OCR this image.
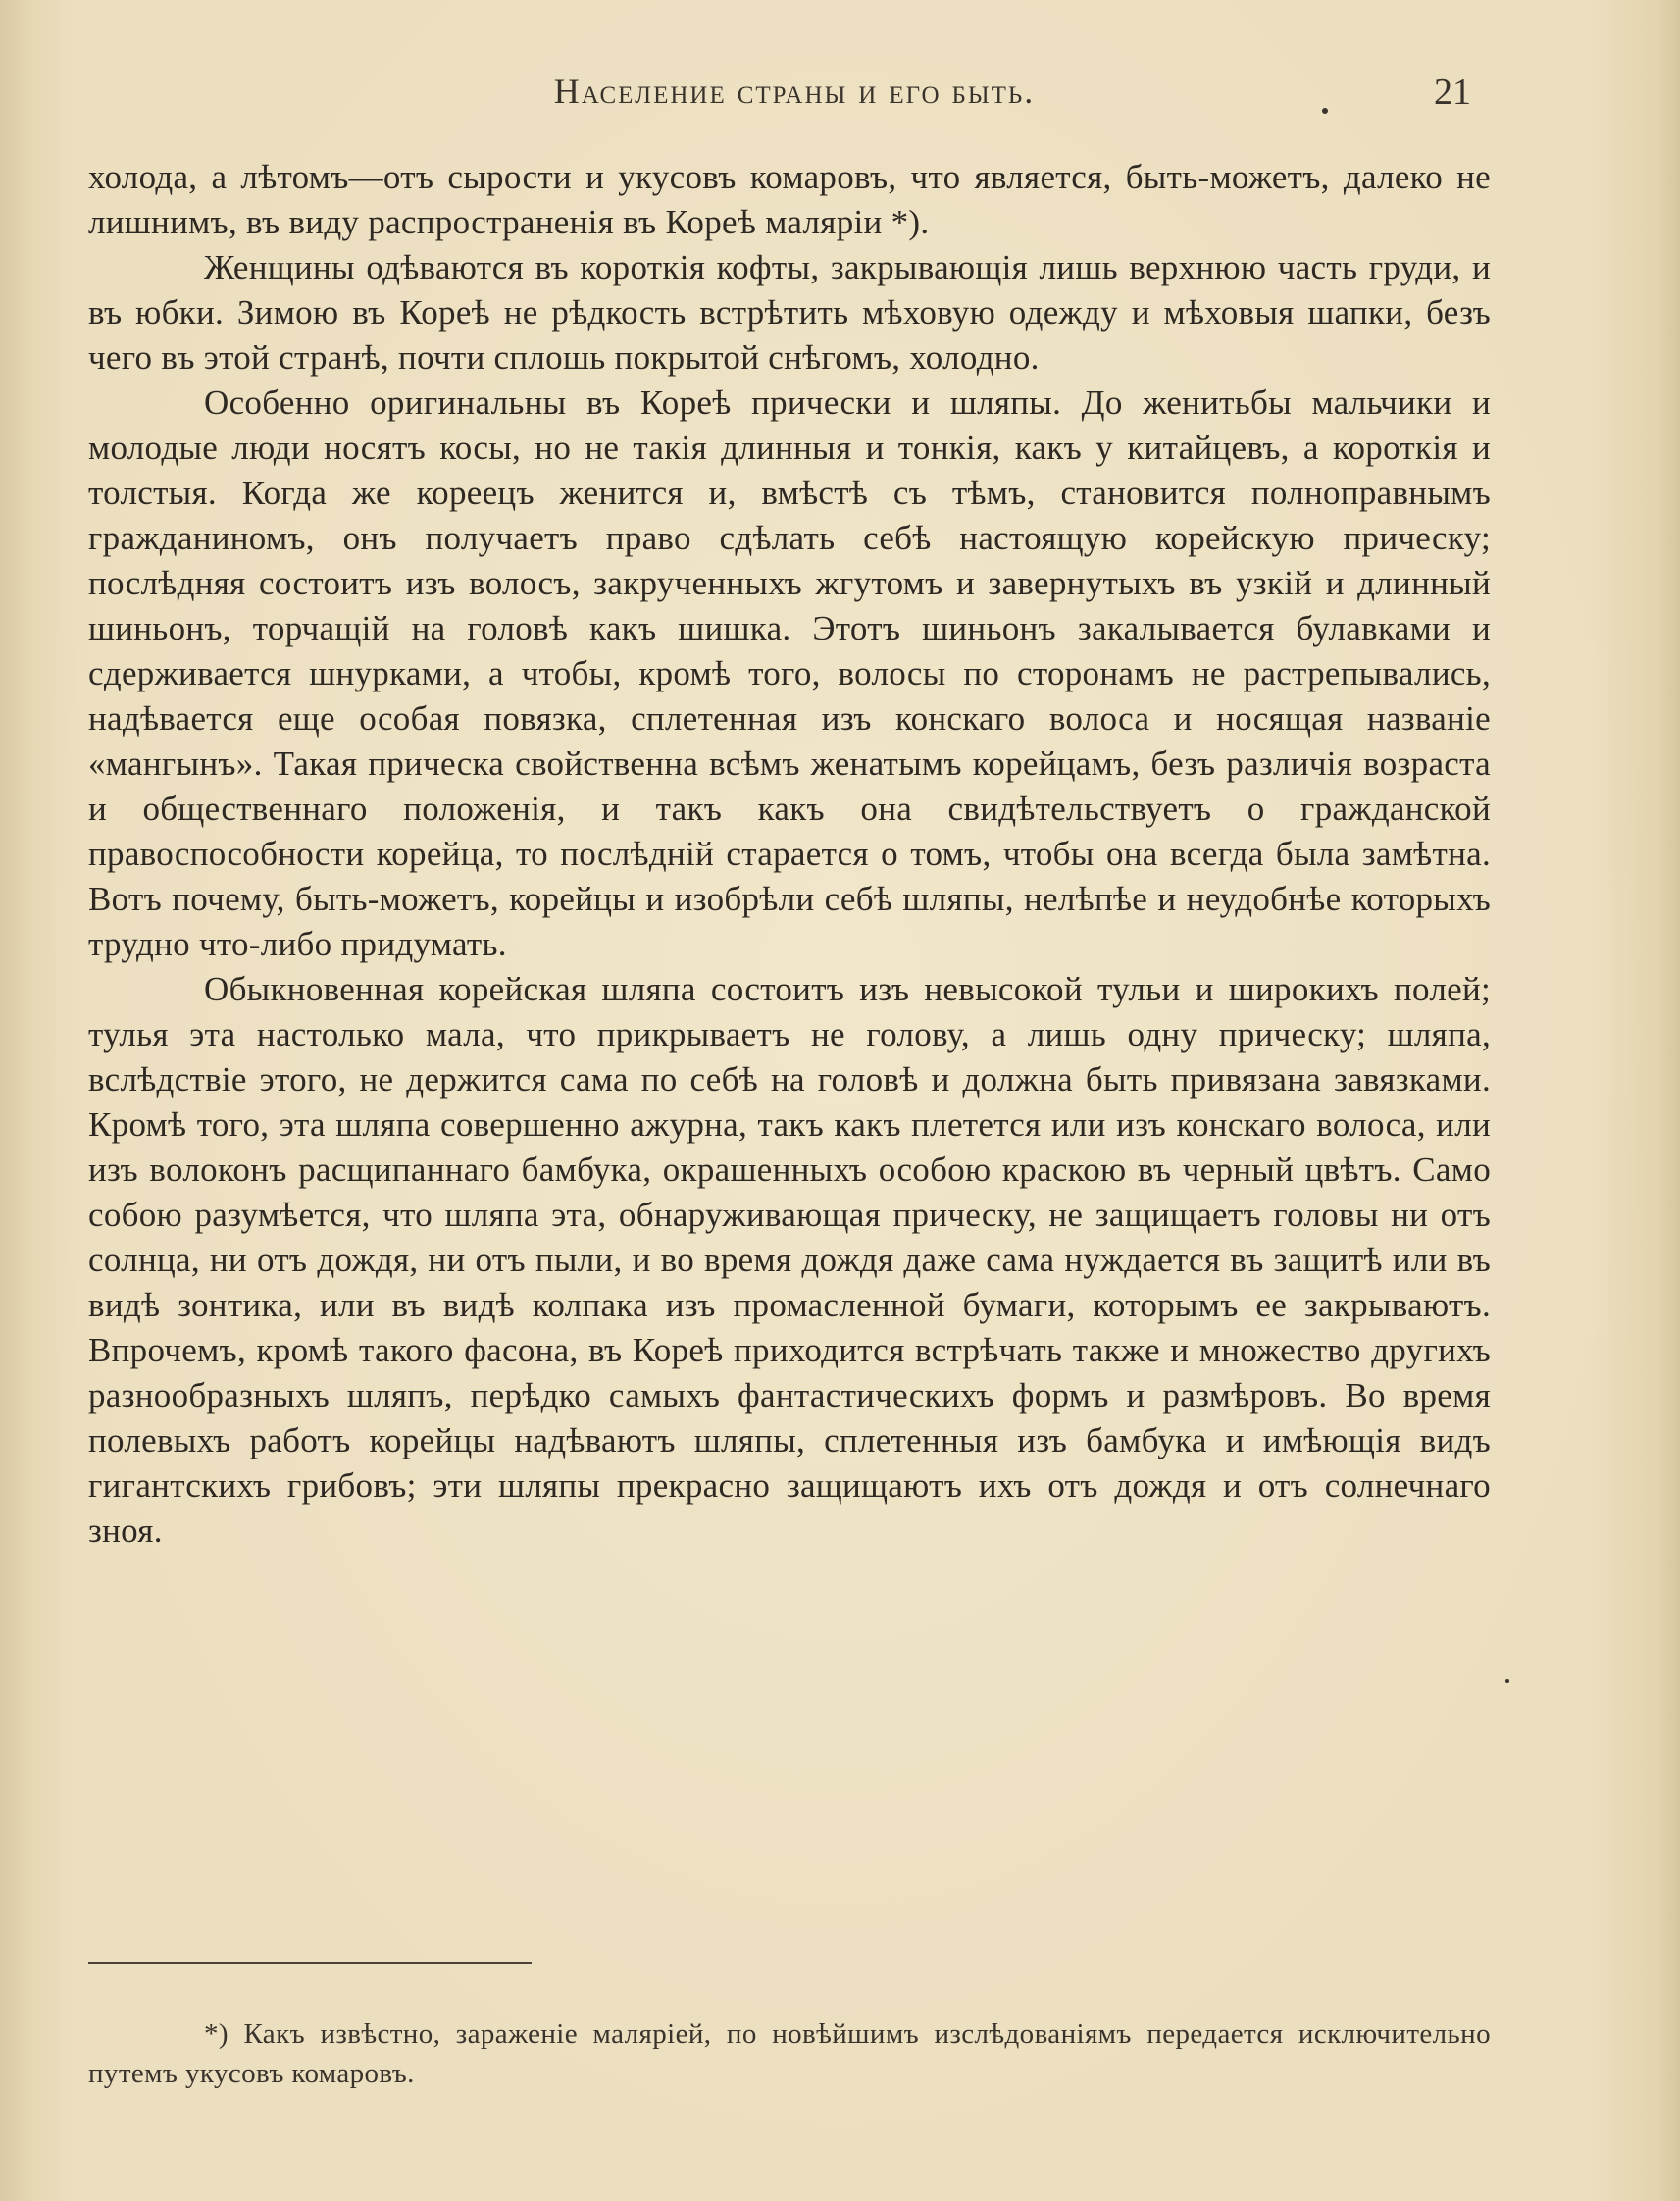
Население страны и его быть.	21

холода, а лѣтомъ—отъ сырости и укусовъ комаровъ, что является, быть-можетъ, далеко не лишнимъ, въ виду распространенія въ Кореѣ маляріи *).

Женщины одѣваются въ короткія кофты, закрывающія лишь верхнюю часть груди, и въ юбки. Зимою въ Кореѣ не рѣдкость встрѣтить мѣховую одежду и мѣховыя шапки, безъ чего въ этой странѣ, почти сплошь покрытой снѣгомъ, холодно.

Особенно оригинальны въ Кореѣ прически и шляпы. До женитьбы мальчики и молодые люди носятъ косы, но не такія длинныя и тонкія, какъ у китайцевъ, а короткія и толстыя. Когда же кореецъ женится и, вмѣстѣ съ тѣмъ, становится полноправнымъ гражданиномъ, онъ получаетъ право сдѣлать себѣ настоящую корейскую прическу; послѣдняя состоитъ изъ волосъ, закрученныхъ жгутомъ и завернутыхъ въ узкій и длинный шиньонъ, торчащій на головѣ какъ шишка. Этотъ шиньонъ закалывается булавками и сдерживается шнурками, а чтобы, кромѣ того, волосы по сторонамъ не растрепывались, надѣвается еще особая повязка, сплетенная изъ конскаго волоса и носящая названіе «мангынъ». Такая прическа свойственна всѣмъ женатымъ корейцамъ, безъ различія возраста и общественнаго положенія, и такъ какъ она свидѣтельствуетъ о гражданской правоспособности корейца, то послѣдній старается о томъ, чтобы она всегда была замѣтна. Вотъ почему, быть-можетъ, корейцы и изобрѣли себѣ шляпы, нелѣпѣе и неудобнѣе которыхъ трудно что-либо придумать.

Обыкновенная корейская шляпа состоитъ изъ невысокой тульи и широкихъ полей; тулья эта настолько мала, что прикрываетъ не голову, а лишь одну прическу; шляпа, вслѣдствіе этого, не держится сама по себѣ на головѣ и должна быть привязана завязками. Кромѣ того, эта шляпа совершенно ажурна, такъ какъ плетется или изъ конскаго волоса, или изъ волоконъ расщипаннаго бамбука, окрашенныхъ особою краскою въ черный цвѣтъ. Само собою разумѣется, что шляпа эта, обнаруживающая прическу, не защищаетъ головы ни отъ солнца, ни отъ дождя, ни отъ пыли, и во время дождя даже сама нуждается въ защитѣ или въ видѣ зонтика, или въ видѣ колпака изъ промасленной бумаги, которымъ ее закрываютъ. Впрочемъ, кромѣ такого фасона, въ Кореѣ приходится встрѣчать также и множество другихъ разнообразныхъ шляпъ, перѣдко самыхъ фантастическихъ формъ и размѣровъ. Во время полевыхъ работъ корейцы надѣваютъ шляпы, сплетенныя изъ бамбука и имѣющія видъ гигантскихъ грибовъ; эти шляпы прекрасно защищаютъ ихъ отъ дождя и отъ солнечнаго зноя.

*) Какъ извѣстно, зараженіе маляріей, по новѣйшимъ изслѣдованіямъ передается исключительно путемъ укусовъ комаровъ.
